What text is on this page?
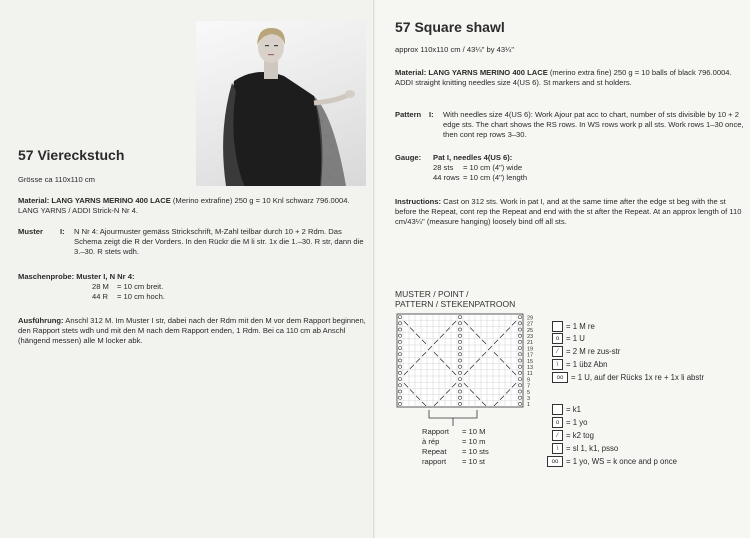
57 Viereckstuch
Grösse ca 110x110 cm
Material: LANG YARNS MERINO 400 LACE (Merino extrafine) 250 g = 10 Knl schwarz 796.0004. LANG YARNS / ADDI Strick-N Nr 4.
Muster	I:	N Nr 4: Ajourmuster gemäss Strickschrift, M-Zahl teilbar durch 10 + 2 Rdm. Das Schema zeigt die R der Vorders. In den Rückr die M li str. 1x die 1.–30. R str, dann die 3.–30. R stets wdh.
Maschenprobe: Muster I, N Nr 4:
28 M	= 10 cm breit.
44 R	= 10 cm hoch.
Ausführung: Anschl 312 M. Im Muster I str, dabei nach der Rdm mit den M vor dem Rapport beginnen, den Rapport stets wdh und mit den M nach dem Rapport enden, 1 Rdm. Bei ca 110 cm ab Anschl (hängend messen) alle M locker abk.
57 Square shawl
approx 110x110 cm / 43¼" by 43¼"
Material: LANG YARNS MERINO 400 LACE (merino extra fine) 250 g = 10 balls of black 796.0004. ADDI straight knitting needles size 4(US 6). St markers and st holders.
Pattern	I:	With needles size 4(US 6): Work Ajour pat acc to chart, number of sts divisible by 10 + 2 edge sts. The chart shows the RS rows. In WS rows work p all sts. Work rows 1–30 once, then cont rep rows 3–30.
Gauge:	Pat I, needles 4(US 6):
28 sts	= 10 cm (4") wide
44 rows = 10 cm (4") length
Instructions: Cast on 312 sts. Work in pat I, and at the same time after the edge st beg with the st before the Repeat, cont rep the Repeat and end with the st after the Repeat. At an approx length of 110 cm/43¼" (measure hanging) loosely bind off all sts.
MUSTER / POINT /
PATTERN / STEKENPATROON
29
27
25
23
21
19
17
15
13
11
9
7
5
3
1
Rapport	= 10 M
à rép	= 10 m
Repeat	= 10 sts
rapport	= 10 st
= 1 M re
o = 1 U
⁄	= 2 M re zus-str
\ = 1 übz Abn
oo = 1 U, auf der Rücks 1x re + 1x li abstr
= k1
o = 1 yo
⁄	= k2 tog
\ = sl 1, k1, psso
oo = 1 yo, WS = k once and p once
